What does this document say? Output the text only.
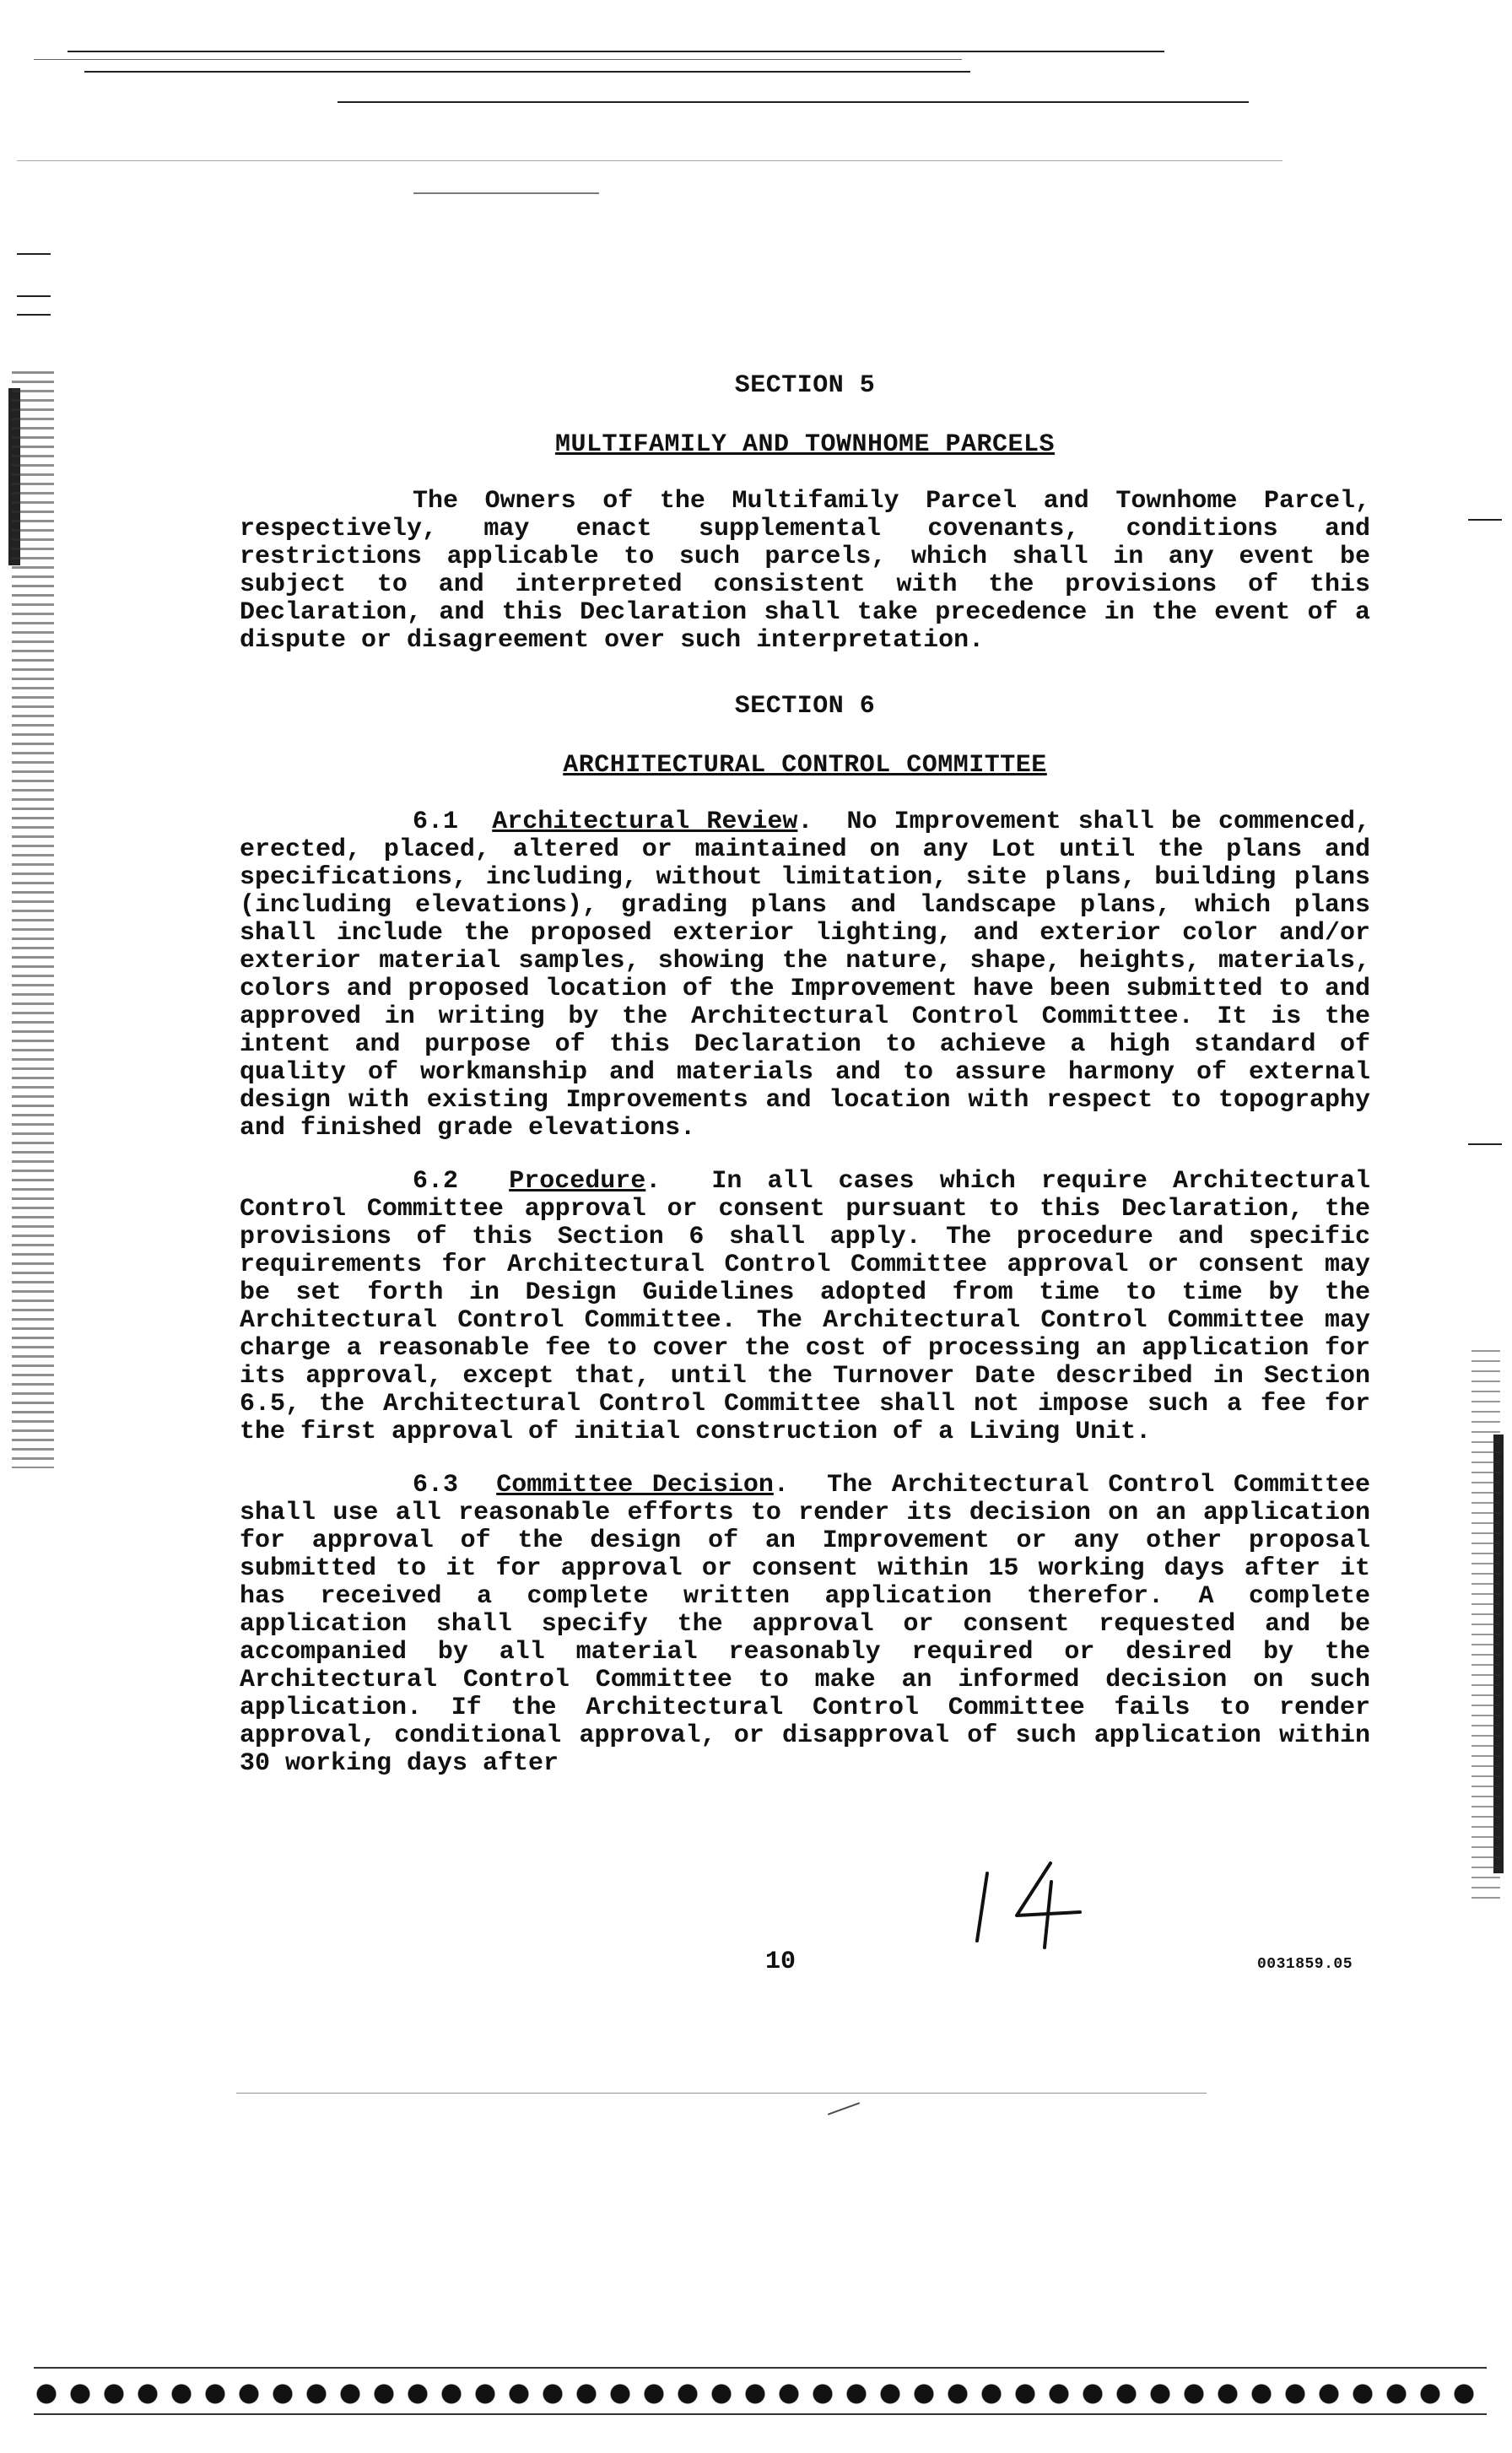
SECTION 5
MULTIFAMILY AND TOWNHOME PARCELS

The Owners of the Multifamily Parcel and Townhome Parcel, respectively, may enact supplemental covenants, conditions and restrictions applicable to such parcels, which shall in any event be subject to and interpreted consistent with the provisions of this Declaration, and this Declaration shall take precedence in the event of a dispute or disagreement over such interpretation.

SECTION 6
ARCHITECTURAL CONTROL COMMITTEE

6.1 Architectural Review.  No Improvement shall be commenced, erected, placed, altered or maintained on any Lot until the plans and specifications, including, without limitation, site plans, building plans (including elevations), grading plans and landscape plans, which plans shall include the proposed exterior lighting, and exterior color and/or exterior material samples, showing the nature, shape, heights, materials, colors and proposed location of the Improvement have been submitted to and approved in writing by the Architectural Control Committee. It is the intent and purpose of this Declaration to achieve a high standard of quality of workmanship and materials and to assure harmony of external design with existing Improvements and location with respect to topography and finished grade elevations.

6.2 Procedure.  In all cases which require Architectural Control Committee approval or consent pursuant to this Declaration, the provisions of this Section 6 shall apply. The procedure and specific requirements for Architectural Control Committee approval or consent may be set forth in Design Guidelines adopted from time to time by the Architectural Control Committee. The Architectural Control Committee may charge a reasonable fee to cover the cost of processing an application for its approval, except that, until the Turnover Date described in Section 6.5, the Architectural Control Committee shall not impose such a fee for the first approval of initial construction of a Living Unit.

6.3 Committee Decision.  The Architectural Control Committee shall use all reasonable efforts to render its decision on an application for approval of the design of an Improvement or any other proposal submitted to it for approval or consent within 15 working days after it has received a complete written application therefor. A complete application shall specify the approval or consent requested and be accompanied by all material reasonably required or desired by the Architectural Control Committee to make an informed decision on such application. If the Architectural Control Committee fails to render approval, conditional approval, or disapproval of such application within 30 working days after

10	0031859.05
